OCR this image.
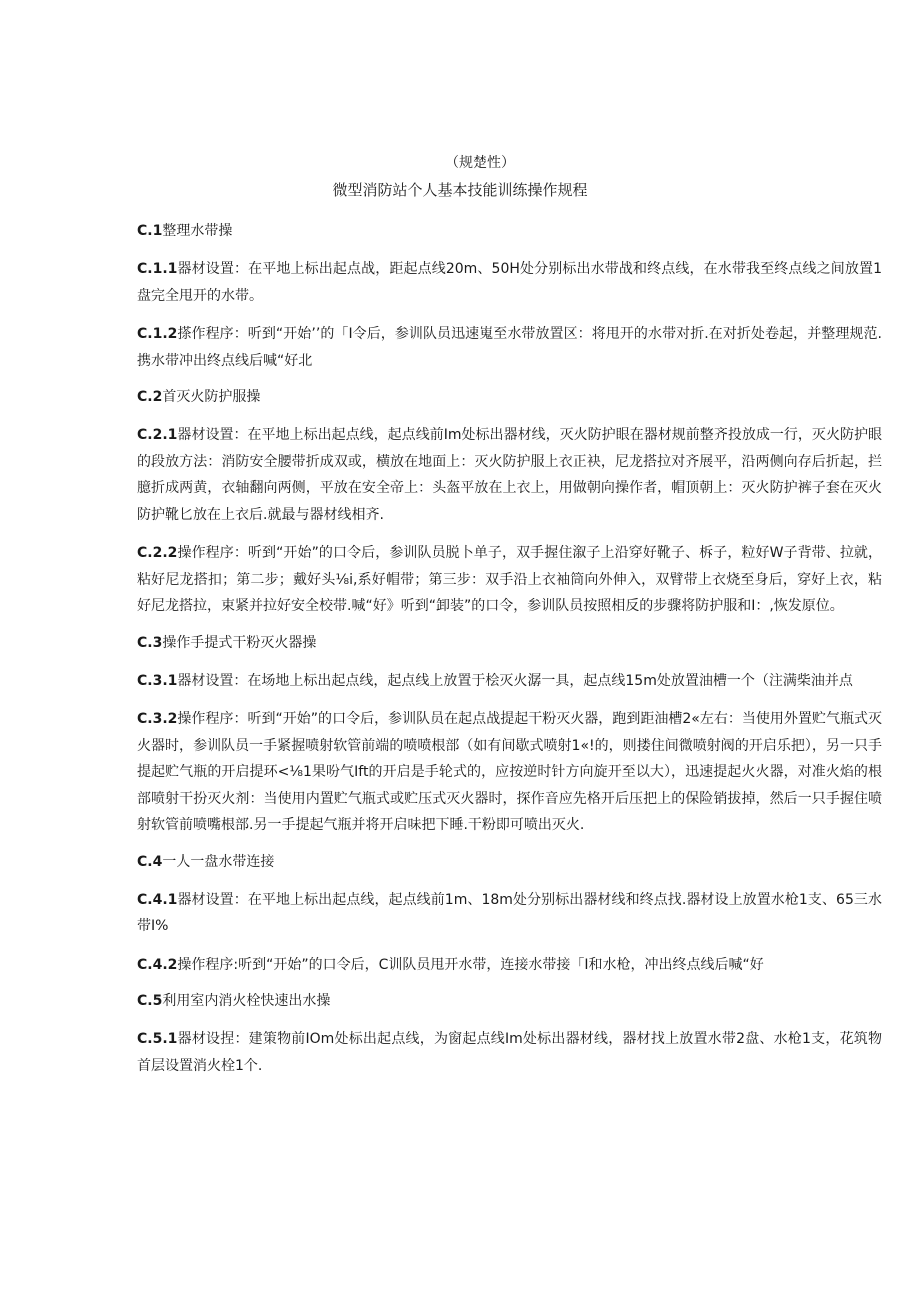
（规楚性）
微型消防站个人基本技能训练操作规程
C.1整理水带操
C.1.1器材设置：在平地上标出起点战，距起点线20m、50H处分别标出水带战和终点线，在水带我至终点线之间放置1盘完全甩开的水带。
C.1.2搽作程序：听到“开始’’的「I令后，参训队员迅速嵬至水带放置区：将甩开的水带对折.在对折处卷起，并整理规范.携水带冲出终点线后喊“好北
C.2首灭火防护服操
C.2.1器材设置：在平地上标出起点线，起点线前Im处标出器材线，灭火防护眼在器材规前整齐投放成一行，灭火防护眼的段放方法：消防安全腰带折成双或，横放在地面上：灭火防护服上衣正袂，尼龙搭拉对齐展平，沿两侧向存后折起，拦臆折成两黄，衣轴翻向两侧，平放在安全帝上：头盔平放在上衣上，用做朝向操作者，帽顶朝上：灭火防护裤子套在灭火防护靴匕放在上衣后.就最与器材线相齐.
C.2.2操作程序：听到“开始”的口令后，参训队员脱卜单子，双手握住溆子上沿穿好靴子、柝子，粒好W子背带、拉就，粘好尼龙搭扣；第二步；戴好头⅛i,系好帽带；第三步：双手沿上衣袖筒向外伸入，双臂带上衣烧至身后，穿好上衣，粘好尼龙搭拉，束紧并拉好安全校带.喊“好》听到“卸装”的口令，参训队员按照相反的步骤将防护服和I：,恢发原位。
C.3操作手提式干粉灭火器操
C.3.1器材设置：在场地上标出起点线，起点线上放置于桧灭火潺一具，起点线15m处放置油槽一个（注满柴油并点
C.3.2操作程序：听到“开始”的口令后，参训队员在起点战提起干粉灭火器，跑到距油槽2«左右：当使用外置贮气瓶式灭火器时，参训队员一手紧握喷射软管前端的喷喷根部（如有间歇式喷射1«!的，则搂住间微喷射阀的开启乐把），另一只手提起贮气瓶的开启提环<⅛1果吩气Ift的开启是手轮式的，应按逆时针方向旋开至以大），迅速提起火火器，对准火焰的根部喷射干扮灭火剂：当使用内置贮气瓶式或贮压式灭火器时，探作音应先格开后压把上的保险销拔掉，然后一只手握住喷射软管前喷嘴根部.另一手提起气瓶并将开启味把下睡.干粉即可喷出灭火.
C.4一人一盘水带连接
C.4.1器材设置：在平地上标出起点线，起点线前1m、18m处分别标出器材线和终点找.器材设上放置水枪1支、65三水带I%
C.4.2操作程序:听到“开始”的口令后，C训队员甩开水带，连接水带接「I和水枪，冲出终点线后喊“好
C.5利用室内消火栓快速出水操
C.5.1器材设捏：建策物前IOm处标出起点线，为窗起点线Im处标出器材线，器材找上放置水带2盘、水枪1支，花筑物首层设置消火栓1个.
